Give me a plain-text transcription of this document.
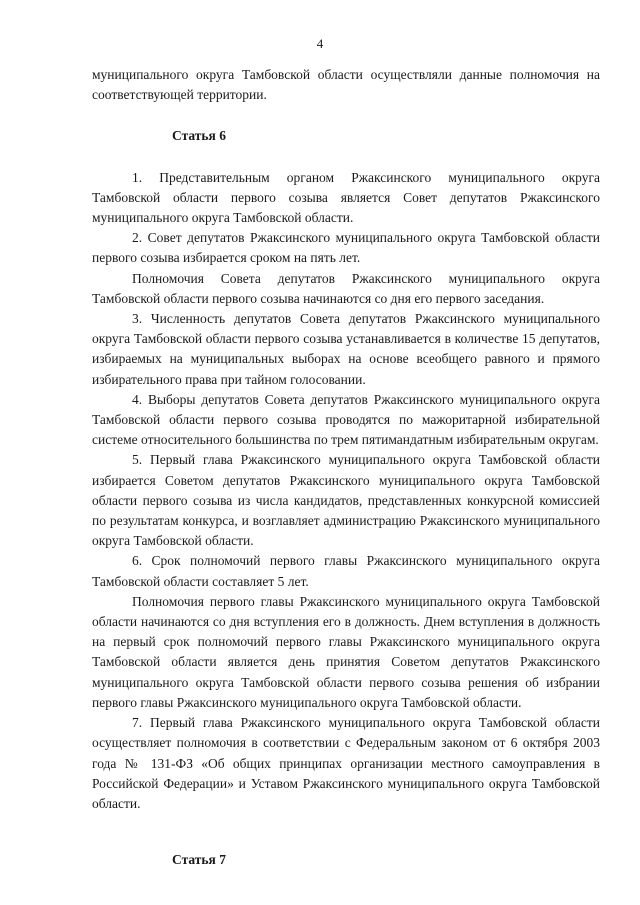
4

муниципального округа Тамбовской области осуществляли данные полномочия на соответствующей территории.

Статья 6

1. Представительным органом Ржаксинского муниципального округа Тамбовской области первого созыва является Совет депутатов Ржаксинского муниципального округа Тамбовской области.

2. Совет депутатов Ржаксинского муниципального округа Тамбовской области первого созыва избирается сроком на пять лет.

Полномочия Совета депутатов Ржаксинского муниципального округа Тамбовской области первого созыва начинаются со дня его первого заседания.

3. Численность депутатов Совета депутатов Ржаксинского муниципального округа Тамбовской области первого созыва устанавливается в количестве 15 депутатов, избираемых на муниципальных выборах на основе всеобщего равного и прямого избирательного права при тайном голосовании.

4. Выборы депутатов Совета депутатов Ржаксинского муниципального округа Тамбовской области первого созыва проводятся по мажоритарной избирательной системе относительного большинства по трем пятимандатным избирательным округам.

5. Первый глава Ржаксинского муниципального округа Тамбовской области избирается Советом депутатов Ржаксинского муниципального округа Тамбовской области первого созыва из числа кандидатов, представленных конкурсной комиссией по результатам конкурса, и возглавляет администрацию Ржаксинского муниципального округа Тамбовской области.

6. Срок полномочий первого главы Ржаксинского муниципального округа Тамбовской области составляет 5 лет.

Полномочия первого главы Ржаксинского муниципального округа Тамбовской области начинаются со дня вступления его в должность. Днем вступления в должность на первый срок полномочий первого главы Ржаксинского муниципального округа Тамбовской области является день принятия Советом депутатов Ржаксинского муниципального округа Тамбовской области первого созыва решения об избрании первого главы Ржаксинского муниципального округа Тамбовской области.

7. Первый глава Ржаксинского муниципального округа Тамбовской области осуществляет полномочия в соответствии с Федеральным законом от 6 октября 2003 года № 131-ФЗ «Об общих принципах организации местного самоуправления в Российской Федерации» и Уставом Ржаксинского муниципального округа Тамбовской области.

Статья 7
